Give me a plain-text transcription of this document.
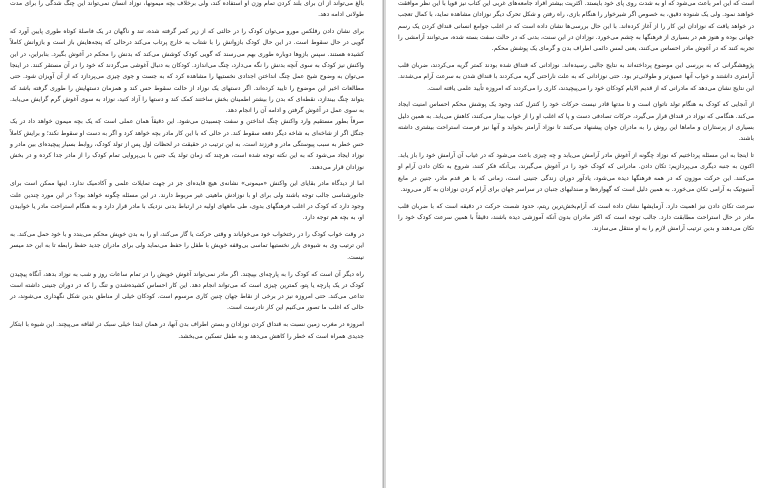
بالغ می‌تواند از آن برای بلند کردن تمام وزن او استفاده کند، ولی برخلاف بچه میمونها، نوزاد انسان نمی‌تواند این چنگ شدگی را برای مدت طولانی ادامه دهد.

برای نشان دادن رفلکس مورو می‌توان کودک را در حالتی که از زیر کمر گرفته شده، تند و ناگهان در یک فاصلهٔ کوتاه طوری پایین آورد که گویی در حال سقوط است. در این حال کودک بازوانش را با شتاب به خارج پرتاب می‌کند درحالی که پنجه‌هایش باز است و بازوانش کاملاً کشیده هستند. سپس بازوها دوباره طوری بهم می‌رسند که گویی کودک کوشش می‌کند که بدنش را محکم در آغوش بگیرد. بنابراین، در این واکنش نیز کودک به سوی آنچه بدنش را نگه می‌دارد، چنگ می‌اندازد. کودکان به دنبال آغوشی می‌گردند که خود را در آن مستقر کنند. در اینجا می‌توان به وضوح شیح عمل چنگ انداختن اجدادی نخستیها را مشاهده کرد که به جست و جوی چیزی می‌پردازد که از آن آویزان شود. حتی مطالعات اخیر این موضوع را تایید کرده‌اند. اگر دستهای یک نوزاد از حالت سقوط حس کند و همزمان دستهایش را طوری گرفته باشد که بتواند چنگ بیندازد، نقطه‌ای که بدن را بیشتر اطمینان بخش ساختند کمک کند و دستها را آزاد کنید، نوزاد به سوی آغوش گرم گرایش می‌یابد. به سوی عمل در آغوش گرفتن و ادامه آن را انجام دهد.

صرفاً بطور مستقیم وارد واکنش چنگ انداختن و سفت چسبیدن می‌شود. این دقیقاً همان عملی است که یک بچه میمون خواهد داد در یک جنگل اگر از شاخه‌ای به شاخه دیگر دفعه سقوط کند. در حالی که با این کار مادر بچه خواهد کرد و اگر به دست او سقوط نکند؛ و برایش کاملاً حس خطر به سبب پیوستگی مادر و فرزند است. به این ترتیب در حقیقت در لحظات اول پس از تولد کودک، روابط بسیار پیچیده‌ای بین مادر و نوزاد ایجاد می‌شود که به این نکته توجه شده است، هرچند که زمان تولد یک جنین با بی‌پروایی تمام کودک را از مادر جدا کرده و در بخش نوزادان قرار می‌دهند.

اما از دیدگاه مادر بقایای این واکنش «میمونی» نشانه‌ی هیچ فایده‌ای جز در جهت تمایلات علمی و آکادمیک ندارد. اینها ممکن است برای جانورشناسی جالب توجه باشند ولی برای او با نوزادش ماهیتی غیر مربوط دارند. در این مسئله چگونه خواهد بود؟ در این مورد چندین علت وجود دارد که کودک در اغلب فرهنگهای بدوی، طی ماههای اولیه در ارتباط بدنی نزدیک با مادر قرار دارد و به هنگام استراحت مادر یا خوابیدن او، به بچه هم توجه دارد.

در وقت خواب کودک را در رختخواب خود می‌خواباند و وقتی حرکت یا گار می‌کند، او را به بدن خویش محکم می‌بندد و با خود حمل می‌کند. به این ترتیب وی به شیوه‌ی بازر نخستیها تماسی بی‌وقفه خویش با طفل را حفظ می‌نماید ولی برای مادران جدید حفظ رابطه تا به این حد میسر نیست.

راه دیگر آن است که کودک را به پارچه‌ای بپیچند. اگر مادر نمی‌تواند آغوش خویش را در تمام ساعات روز و شب به نوزاد بدهد، آنگاه پیچیدن کودک در یک پارچه یا پتو، کمترین چیزی است که می‌تواند انجام دهد. این کار احساس کشیده‌شدن و تنگ را که در دوران جنینی داشته است تداعی می‌کند. حتی امروزه نیز در برخی از نقاط جهان چنین کاری مرسوم است. کودکان خیلی از مناطق بدین شکل نگهداری می‌شوند، در حالی که اغلب ما تصور می‌کنیم این کار نادرست است.

امروزه در مغرب زمین نسبت به قنداق کردن نوزادان و بستن اطراف بدن آنها، در همان ابتدا خیلی سبک در لفافه می‌پیچند. این شیوه با ابتکار جدیدی همراه است که خطر را کاهش می‌دهد و به طفل تسکین می‌بخشد.

است که این امر باعث می‌شود که او به شدت روی پای خود بایستد. اکثریت بیشتر افراد جامعه‌های غربی این کتاب نیز قویاً با این نظر موافقت خواهند نمود. ولی یک شنوده دقیق، به خصوص اگر شیرخوار را هنگام بازی، راه رفتن و شکل تحرک دیگر نوزادان مشاهده نماید، با کمال تعجب در خواهد یافت که نوزادان این کار را از آغاز کرده‌اند. با این حال بررسی‌ها نشان داده است که در اغلب جوامع انسانی قنداق کردن یک رسم جهانی بوده و هنوز هم در بسیاری از فرهنگها به چشم می‌خورد. نوزادان در این سنت، بدنی که در حالت سفت بسته شده، می‌توانند آرامشی را تجربه کنند که در آغوش مادر احساس می‌کنند، یعنی لمس دائمی اطراف بدن و گرمای یک پوشش محکم.

پژوهشگرانی که به بررسی این موضوع پرداخته‌اند به نتایج جالبی رسیده‌اند. نوزادانی که قنداق شده بودند کمتر گریه می‌کردند، ضربان قلب آرامتری داشتند و خواب آنها عمیق‌تر و طولانی‌تر بود. حتی نوزادانی که به علت ناراحتی گریه می‌کردند با قنداق شدن به سرعت آرام می‌شدند. این نتایج نشان می‌دهد که مادرانی که از قدیم الایام کودکان خود را می‌پیچیدند، کاری را می‌کردند که امروزه تأیید علمی یافته است.

از آنجایی که کودک به هنگام تولد ناتوان است و تا مدتها قادر نیست حرکات خود را کنترل کند، وجود یک پوشش محکم احساس امنیت ایجاد می‌کند. هنگامی که نوزاد در قنداق قرار می‌گیرد، حرکات تصادفی دست و پا که اغلب او را از خواب بیدار می‌کنند، کاهش می‌یابد. به همین دلیل بسیاری از پرستاران و ماماها این روش را به مادران جوان پیشنهاد می‌کنند تا نوزاد آرامتر بخوابد و آنها نیز فرصت استراحت بیشتری داشته باشند.

تا اینجا به این مسئله پرداختیم که نوزاد چگونه از آغوش مادر آرامش می‌یابد و چه چیزی باعث می‌شود که در غیاب آن آرامش خود را باز یابد. اکنون به جنبه دیگری می‌پردازیم: تکان دادن. مادرانی که کودک خود را در آغوش می‌گیرند، بی‌آنکه فکر کنند، شروع به تکان دادن آرام او می‌کنند. این حرکت موزون که در همه فرهنگها دیده می‌شود، یادآور دوران زندگی جنینی است، زمانی که با هر قدم مادر، جنین در مایع آمنیوتیک به آرامی تکان می‌خورد. به همین دلیل است که گهواره‌ها و صندلیهای جنبان در سراسر جهان برای آرام کردن نوزادان به کار می‌روند.

سرعت تکان دادن نیز اهمیت دارد. آزمایشها نشان داده است که آرام‌بخش‌ترین ریتم، حدود شصت حرکت در دقیقه است که با ضربان قلب مادر در حال استراحت مطابقت دارد. جالب توجه است که اکثر مادران بدون آنکه آموزشی دیده باشند، دقیقاً با همین سرعت کودک خود را تکان می‌دهند و بدین ترتیب آرامش لازم را به او منتقل می‌سازند.
